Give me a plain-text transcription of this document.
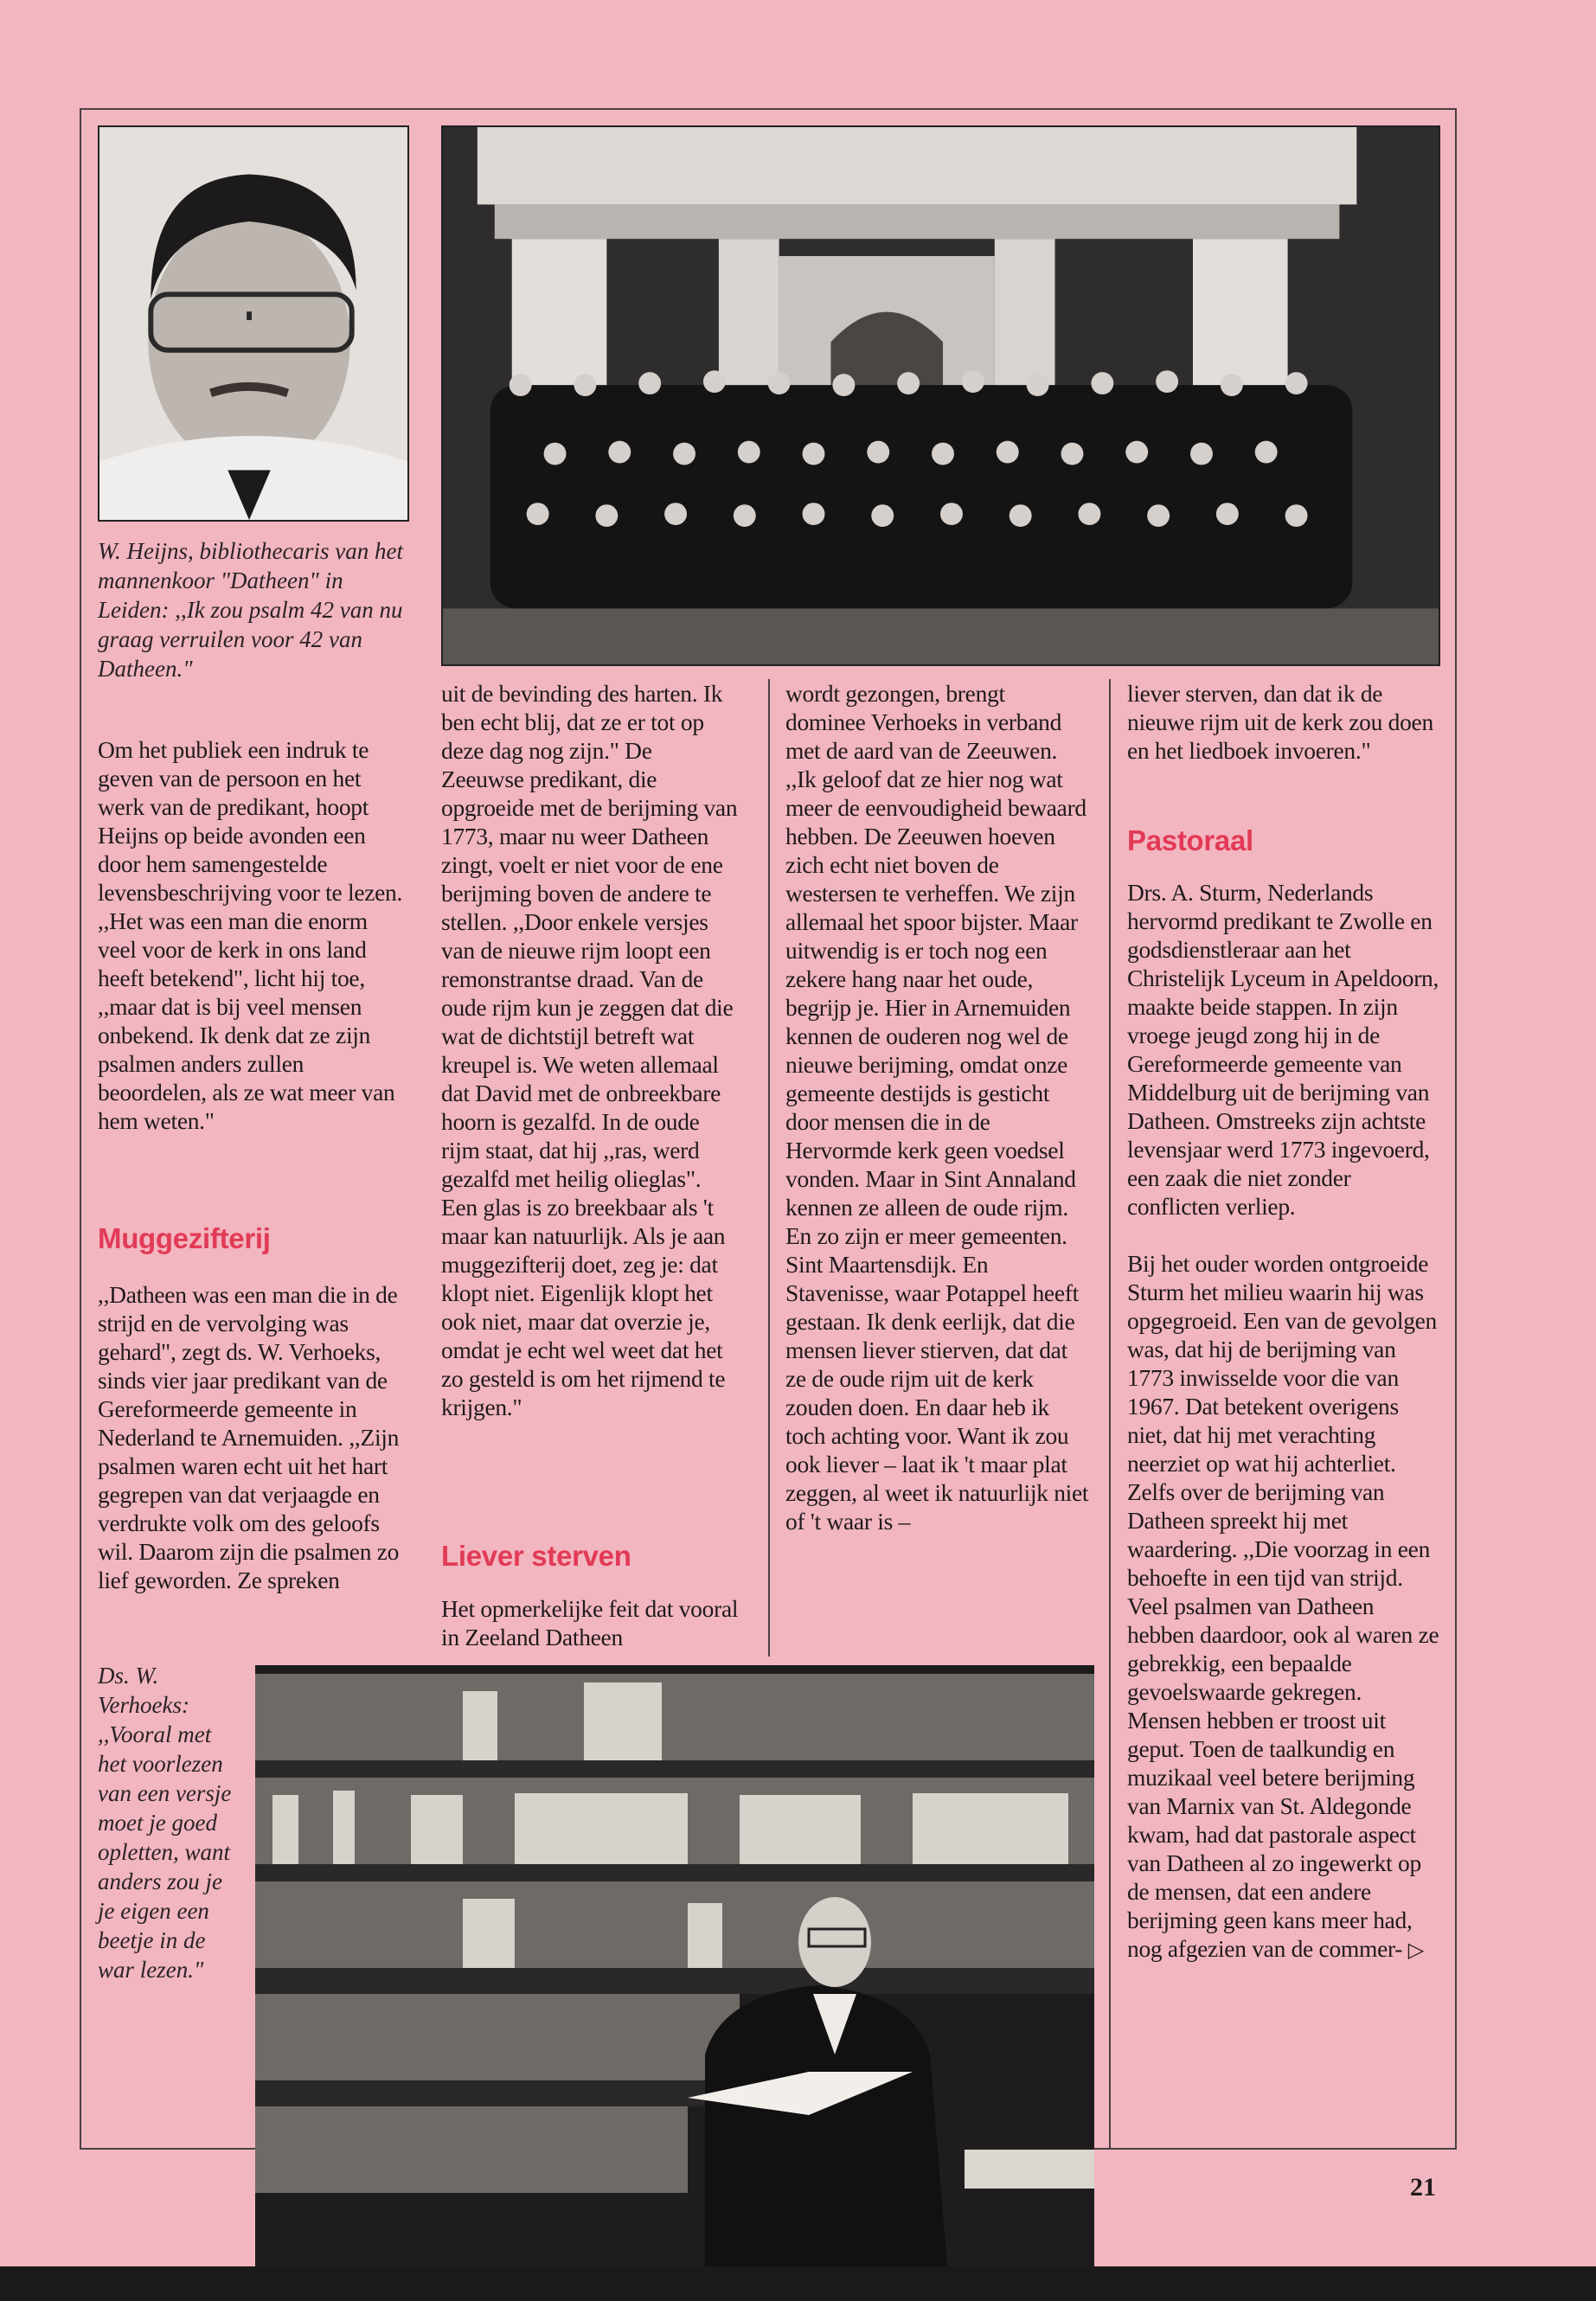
W. Heijns, bibliothecaris van het mannenkoor "Datheen" in Leiden: ,,Ik zou psalm 42 van nu graag verruilen voor 42 van Datheen."

Om het publiek een indruk te geven van de persoon en het werk van de predikant, hoopt Heijns op beide avonden een door hem samengestelde levensbeschrijving voor te lezen. ,,Het was een man die enorm veel voor de kerk in ons land heeft betekend", licht hij toe, ,,maar dat is bij veel mensen onbekend. Ik denk dat ze zijn psalmen anders zullen beoordelen, als ze wat meer van hem weten."

Muggezifterij

,,Datheen was een man die in de strijd en de vervolging was gehard", zegt ds. W. Verhoeks, sinds vier jaar predikant van de Gereformeerde gemeente in Nederland te Arnemuiden. ,,Zijn psalmen waren echt uit het hart gegrepen van dat verjaagde en verdrukte volk om des geloofs wil. Daarom zijn die psalmen zo lief geworden. Ze spreken

Ds. W. Verhoeks: ,,Vooral met het voorlezen van een versje moet je goed opletten, want anders zou je je eigen een beetje in de war lezen."

uit de bevinding des harten. Ik ben echt blij, dat ze er tot op deze dag nog zijn." De Zeeuwse predikant, die opgroeide met de berijming van 1773, maar nu weer Datheen zingt, voelt er niet voor de ene berijming boven de andere te stellen. ,,Door enkele versjes van de nieuwe rijm loopt een remonstrantse draad. Van de oude rijm kun je zeggen dat die wat de dichtstijl betreft wat kreupel is. We weten allemaal dat David met de onbreekbare hoorn is gezalfd. In de oude rijm staat, dat hij ,,ras, werd gezalfd met heilig olieglas". Een glas is zo breekbaar als 't maar kan natuurlijk. Als je aan muggezifterij doet, zeg je: dat klopt niet. Eigenlijk klopt het ook niet, maar dat overzie je, omdat je echt wel weet dat het zo gesteld is om het rijmend te krijgen."

Liever sterven

Het opmerkelijke feit dat vooral in Zeeland Datheen

wordt gezongen, brengt dominee Verhoeks in verband met de aard van de Zeeuwen. ,,Ik geloof dat ze hier nog wat meer de eenvoudigheid bewaard hebben. De Zeeuwen hoeven zich echt niet boven de westersen te verheffen. We zijn allemaal het spoor bijster. Maar uitwendig is er toch nog een zekere hang naar het oude, begrijp je. Hier in Arnemuiden kennen de ouderen nog wel de nieuwe berijming, omdat onze gemeente destijds is gesticht door mensen die in de Hervormde kerk geen voedsel vonden. Maar in Sint Annaland kennen ze alleen de oude rijm. En zo zijn er meer gemeenten. Sint Maartensdijk. En Stavenisse, waar Potappel heeft gestaan. Ik denk eerlijk, dat die mensen liever stierven, dat dat ze de oude rijm uit de kerk zouden doen. En daar heb ik toch achting voor. Want ik zou ook liever – laat ik 't maar plat zeggen, al weet ik natuurlijk niet of 't waar is –

liever sterven, dan dat ik de nieuwe rijm uit de kerk zou doen en het liedboek invoeren."

Pastoraal

Drs. A. Sturm, Nederlands hervormd predikant te Zwolle en godsdienstleraar aan het Christelijk Lyceum in Apeldoorn, maakte beide stappen. In zijn vroege jeugd zong hij in de Gereformeerde gemeente van Middelburg uit de berijming van Datheen. Omstreeks zijn achtste levensjaar werd 1773 ingevoerd, een zaak die niet zonder conflicten verliep.

Bij het ouder worden ontgroeide Sturm het milieu waarin hij was opgegroeid. Een van de gevolgen was, dat hij de berijming van 1773 inwisselde voor die van 1967. Dat betekent overigens niet, dat hij met verachting neerziet op wat hij achterliet. Zelfs over de berijming van Datheen spreekt hij met waardering. ,,Die voorzag in een behoefte in een tijd van strijd. Veel psalmen van Datheen hebben daardoor, ook al waren ze gebrekkig, een bepaalde gevoelswaarde gekregen. Mensen hebben er troost uit geput. Toen de taalkundig en muzikaal veel betere berijming van Marnix van St. Aldegonde kwam, had dat pastorale aspect van Datheen al zo ingewerkt op de mensen, dat een andere berijming geen kans meer had, nog afgezien van de commer- ▷

21
